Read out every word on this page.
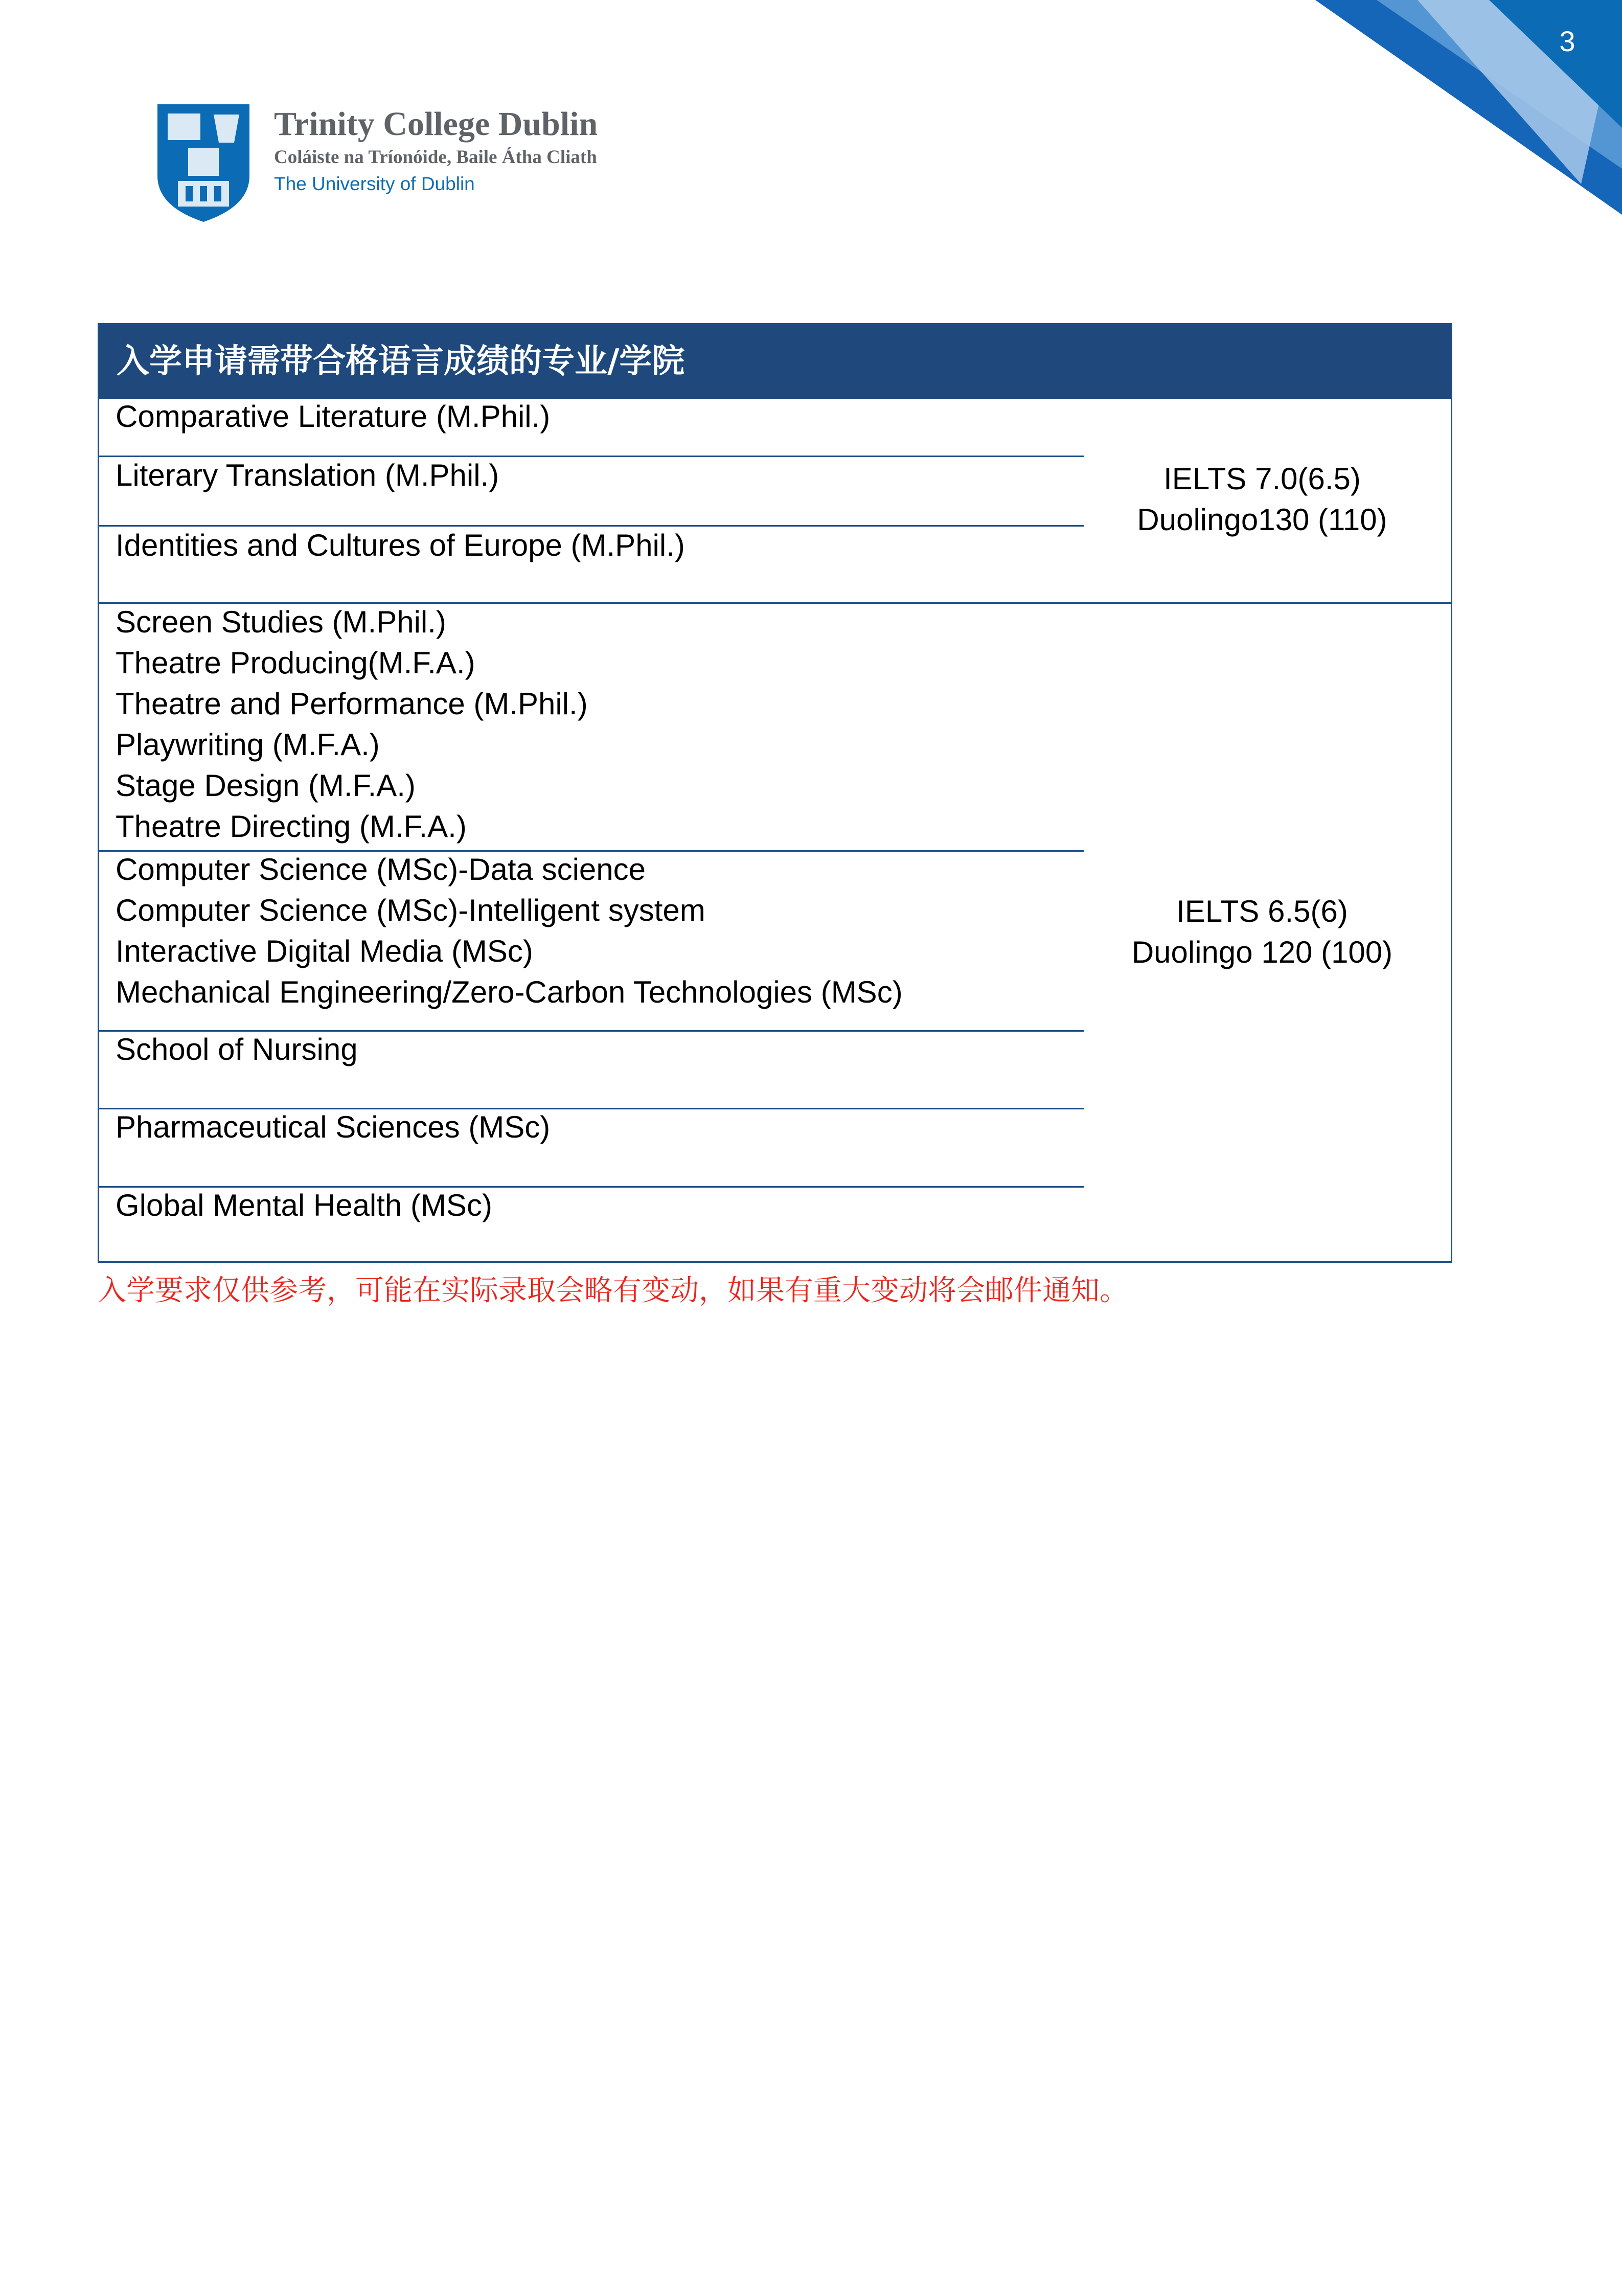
3
Trinity College Dublin
Coláiste na Tríonóide, Baile Átha Cliath
The University of Dublin
入学申请需带合格语言成绩的专业/学院
Comparative Literature (M.Phil.)
Literary Translation (M.Phil.)
Identities and Cultures of Europe (M.Phil.)
IELTS 7.0(6.5)
Duolingo130 (110)
Screen Studies (M.Phil.)
Theatre Producing(M.F.A.)
Theatre and Performance (M.Phil.)
Playwriting (M.F.A.)
Stage Design (M.F.A.)
Theatre Directing (M.F.A.)
Computer Science (MSc)-Data science
Computer Science (MSc)-Intelligent system
Interactive Digital Media (MSc)
Mechanical Engineering/Zero-Carbon Technologies (MSc)
School of Nursing
Pharmaceutical Sciences (MSc)
Global Mental Health (MSc)
IELTS 6.5(6)
Duolingo 120 (100)
入学要求仅供参考，可能在实际录取会略有变动，如果有重大变动将会邮件通知。
